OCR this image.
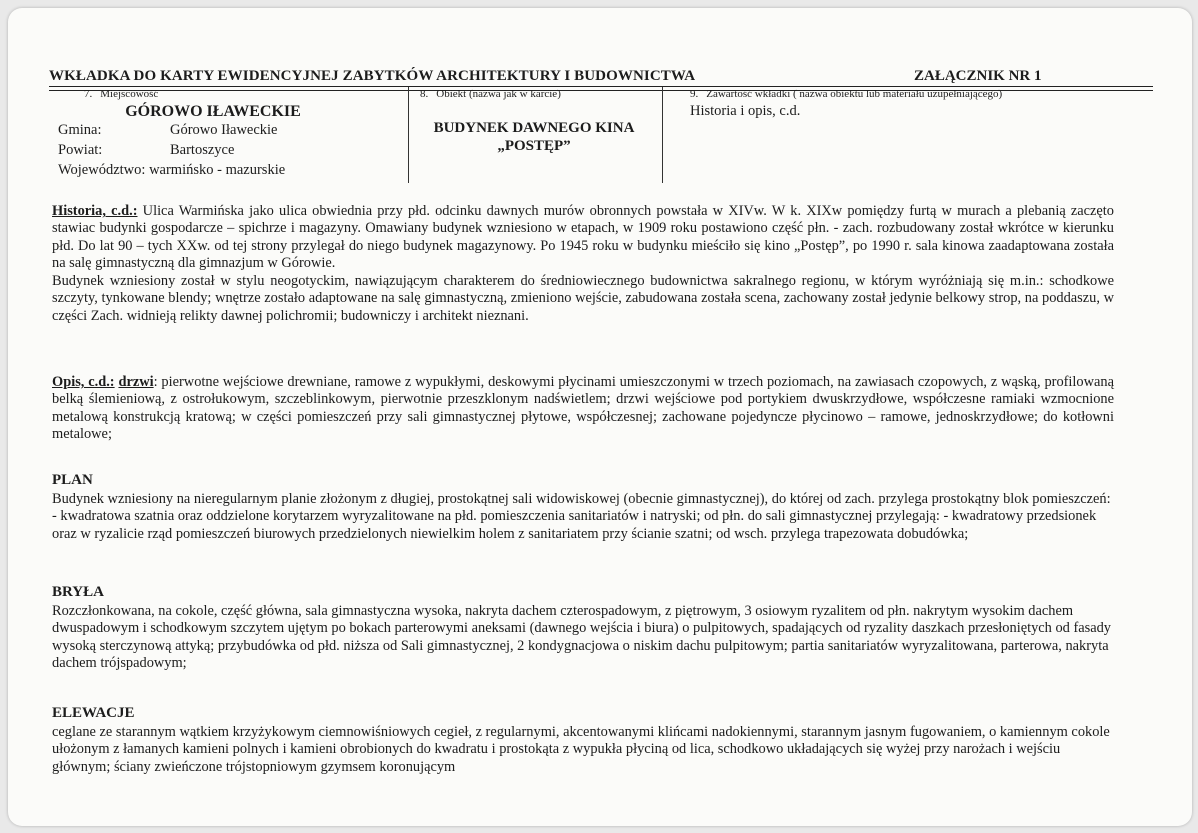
WKŁADKA DO KARTY EWIDENCYJNEJ ZABYTKÓW ARCHITEKTURY I BUDOWNICTWA	ZAŁĄCZNIK NR 1
7. Miejscowość
GÓROWO IŁAWECKIE
Gmina:	Górowo Iławeckie
Powiat:	Bartoszyce
Województwo: warmińsko - mazurskie
8. Obiekt (nazwa jak w karcie)
BUDYNEK DAWNEGO KINA
„POSTĘP”
9. Zawartość wkładki ( nazwa obiektu lub materiału uzupełniającego)
Historia i opis, c.d.

Historia, c.d.: Ulica Warmińska jako ulica obwiednia przy płd. odcinku dawnych murów obronnych powstała w XIVw. W k. XIXw pomiędzy furtą w murach a plebanią zaczęto stawiac budynki gospodarcze – spichrze i magazyny. Omawiany budynek wzniesiono w etapach, w 1909 roku postawiono część płn. - zach. rozbudowany został wkrótce w kierunku płd. Do lat 90 – tych XXw. od tej strony przylegał do niego budynek magazynowy. Po 1945 roku w budynku mieściło się kino „Postęp”, po 1990 r. sala kinowa zaadaptowana została na salę gimnastyczną dla gimnazjum w Górowie.

Budynek wzniesiony został w stylu neogotyckim, nawiązującym charakterem do średniowiecznego budownictwa sakralnego regionu, w którym wyróżniają się m.in.: schodkowe szczyty, tynkowane blendy; wnętrze zostało adaptowane na salę gimnastyczną, zmieniono wejście, zabudowana została scena, zachowany został jedynie belkowy strop, na poddaszu, w części Zach. widnieją relikty dawnej polichromii; budowniczy i architekt nieznani.

Opis, c.d.: drzwi: pierwotne wejściowe drewniane, ramowe z wypukłymi, deskowymi płycinami umieszczonymi w trzech poziomach, na zawiasach czopowych, z wąską, profilowaną belką ślemieniową, z ostrołukowym, szczeblinkowym, pierwotnie przeszklonym nadświetlem; drzwi wejściowe pod portykiem dwuskrzydłowe, współczesne ramiaki wzmocnione metalową konstrukcją kratową; w części pomieszczeń przy sali gimnastycznej płytowe, współczesnej; zachowane pojedyncze płycinowo – ramowe, jednoskrzydłowe; do kotłowni metalowe;

PLAN

Budynek wzniesiony na nieregularnym planie złożonym z długiej, prostokątnej sali widowiskowej (obecnie gimnastycznej), do której od zach. przylega prostokątny blok pomieszczeń: - kwadratowa szatnia oraz oddzielone korytarzem wyryzalitowane na płd. pomieszczenia sanitariatów i natryski; od płn. do sali gimnastycznej przylegają: - kwadratowy przedsionek oraz w ryzalicie rząd pomieszczeń biurowych przedzielonych niewielkim holem z sanitariatem przy ścianie szatni; od wsch. przylega trapezowata dobudówka;

BRYŁA

Rozczłonkowana, na cokole, część główna, sala gimnastyczna wysoka, nakryta dachem czterospadowym, z piętrowym, 3 osiowym ryzalitem od płn. nakrytym wysokim dachem dwuspadowym i schodkowym szczytem ujętym po bokach parterowymi aneksami (dawnego wejścia i biura) o pulpitowych, spadających od ryzality daszkach przesłoniętych od fasady wysoką sterczynową attyką; przybudówka od płd. niższa od Sali gimnastycznej, 2 kondygnacjowa o niskim dachu pulpitowym; partia sanitariatów wyryzalitowana, parterowa, nakryta dachem trójspadowym;

ELEWACJE

ceglane ze starannym wątkiem krzyżykowym ciemnowiśniowych cegieł, z regularnymi, akcentowanymi klińcami nadokiennymi, starannym jasnym fugowaniem, o kamiennym cokole ułożonym z łamanych kamieni polnych i kamieni obrobionych do kwadratu i prostokąta z wypukła płyciną od lica, schodkowo układających się wyżej przy narożach i wejściu głównym; ściany zwieńczone trójstopniowym gzymsem koronującym
